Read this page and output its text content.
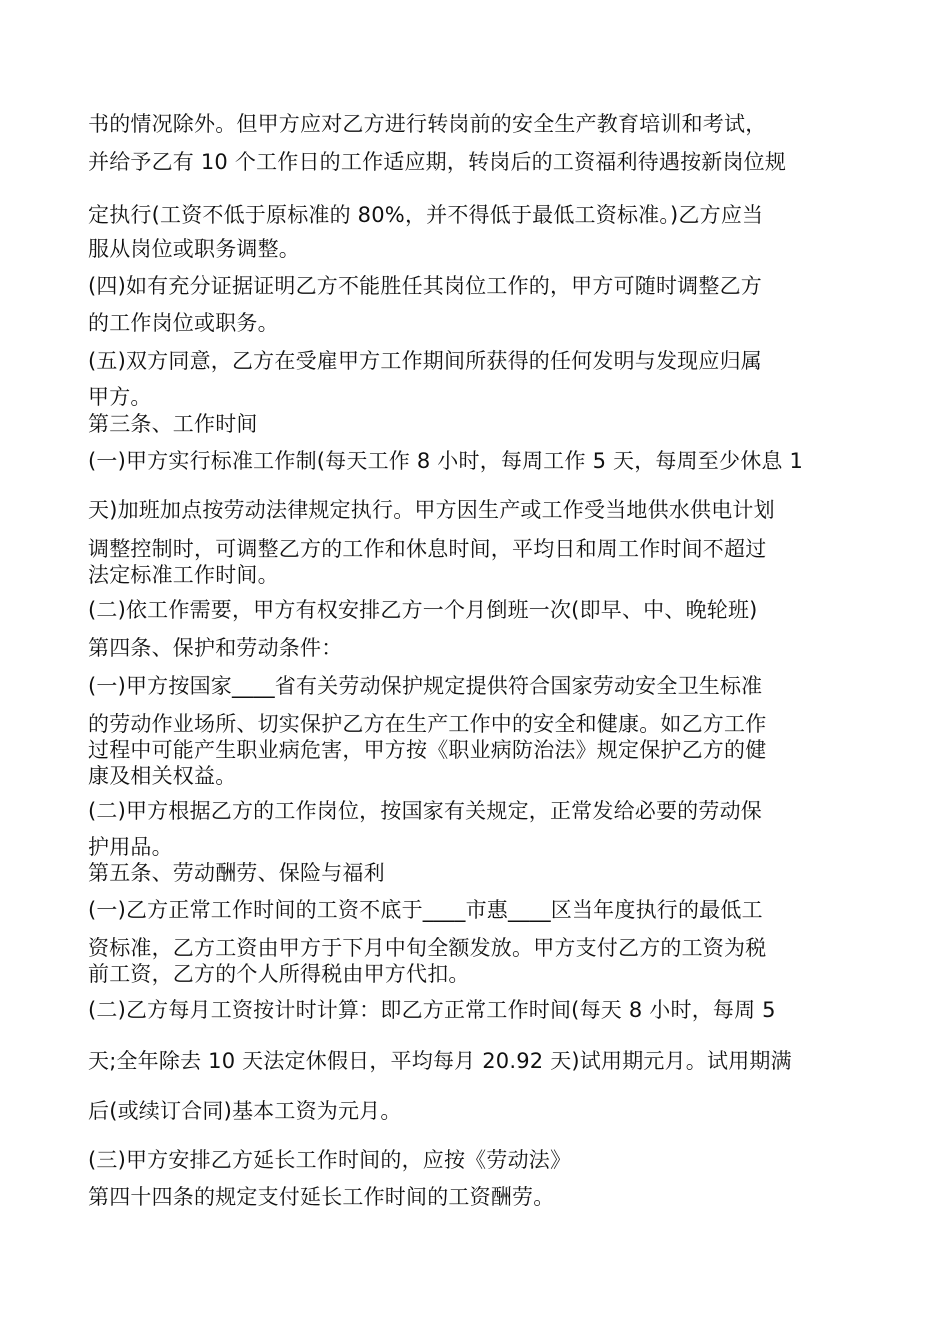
书的情况除外。但甲方应对乙方进行转岗前的安全生产教育培训和考试，
并给予乙有 10 个工作日的工作适应期，转岗后的工资福利待遇按新岗位规
定执行(工资不低于原标准的 80%，并不得低于最低工资标准。)乙方应当
服从岗位或职务调整。
(四)如有充分证据证明乙方不能胜任其岗位工作的，甲方可随时调整乙方
的工作岗位或职务。
(五)双方同意，乙方在受雇甲方工作期间所获得的任何发明与发现应归属
甲方。
第三条、工作时间
(一)甲方实行标准工作制(每天工作 8 小时，每周工作 5 天，每周至少休息 1
天)加班加点按劳动法律规定执行。甲方因生产或工作受当地供水供电计划
调整控制时，可调整乙方的工作和休息时间，平均日和周工作时间不超过
法定标准工作时间。
(二)依工作需要，甲方有权安排乙方一个月倒班一次(即早、中、晚轮班)
第四条、保护和劳动条件：
(一)甲方按国家____省有关劳动保护规定提供符合国家劳动安全卫生标准
的劳动作业场所、切实保护乙方在生产工作中的安全和健康。如乙方工作
过程中可能产生职业病危害，甲方按《职业病防治法》规定保护乙方的健
康及相关权益。
(二)甲方根据乙方的工作岗位，按国家有关规定，正常发给必要的劳动保
护用品。
第五条、劳动酬劳、保险与福利
(一)乙方正常工作时间的工资不底于____市惠____区当年度执行的最低工
资标准，乙方工资由甲方于下月中旬全额发放。甲方支付乙方的工资为税
前工资，乙方的个人所得税由甲方代扣。
(二)乙方每月工资按计时计算：即乙方正常工作时间(每天 8 小时，每周 5
天;全年除去 10 天法定休假日，平均每月 20.92 天)试用期元月。试用期满
后(或续订合同)基本工资为元月。
(三)甲方安排乙方延长工作时间的，应按《劳动法》
第四十四条的规定支付延长工作时间的工资酬劳。
